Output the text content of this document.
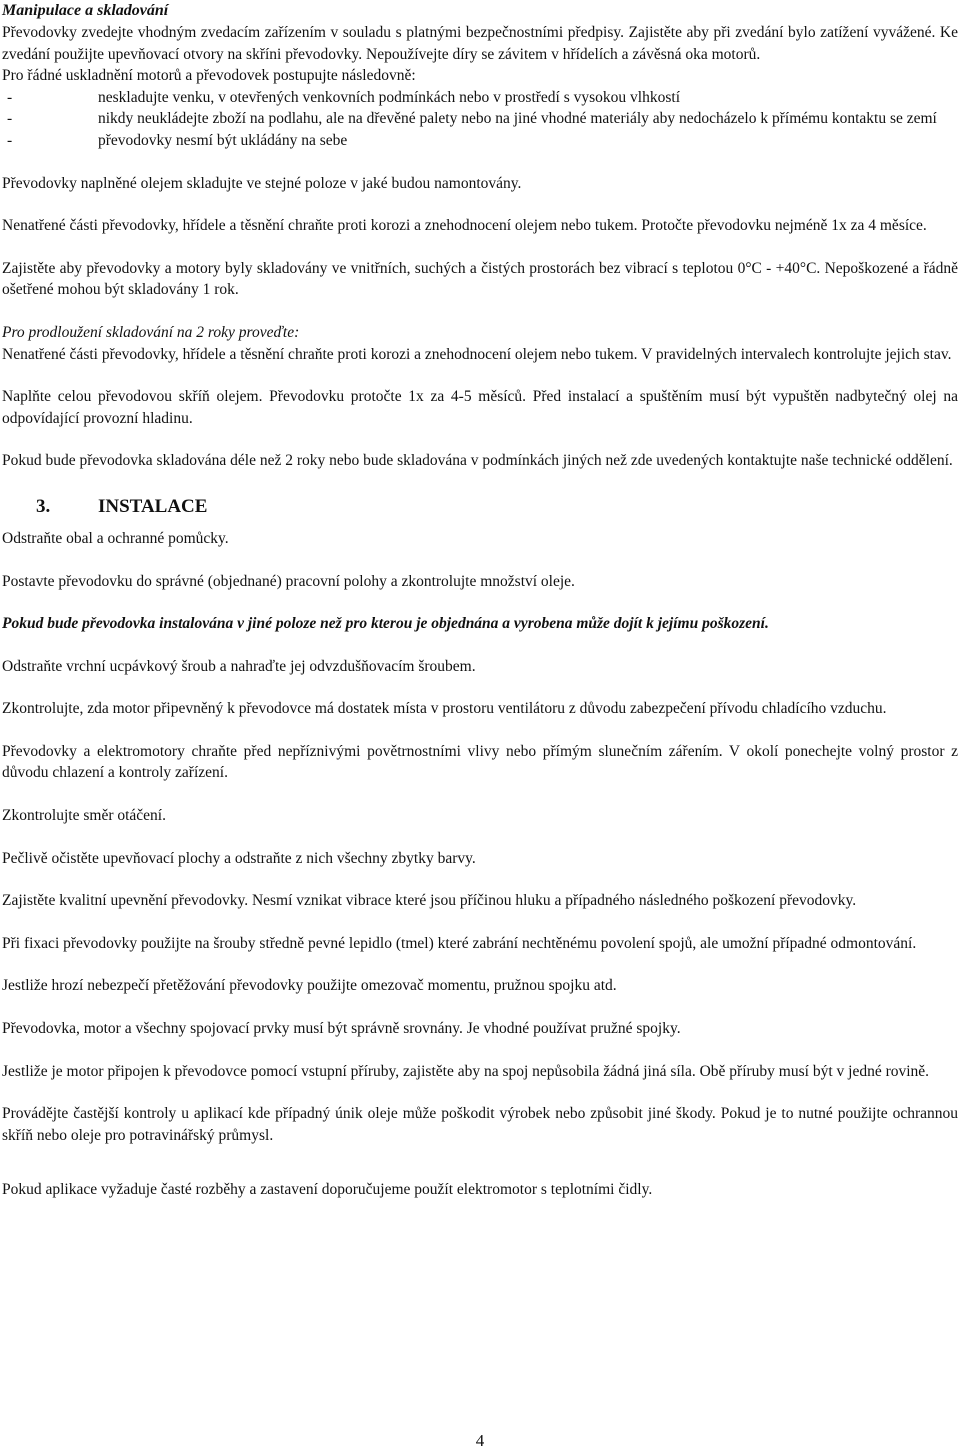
Manipulace a skladování

Převodovky zvedejte vhodným zvedacím zařízením v souladu s platnými bezpečnostními předpisy. Zajistěte aby při zvedání bylo zatížení vyvážené. Ke zvedání použijte upevňovací otvory na skříni převodovky. Nepoužívejte díry se závitem v hřídelích a závěsná oka motorů.

Pro řádné uskladnění motorů a převodovek postupujte následovně:

-	neskladujte venku, v otevřených venkovních podmínkách nebo v prostředí s vysokou vlhkostí
-	nikdy neukládejte zboží na podlahu, ale na dřevěné palety nebo na jiné vhodné materiály aby nedocházelo k přímému kontaktu se zemí
-	převodovky nesmí být ukládány na sebe

Převodovky naplněné olejem skladujte ve stejné poloze v jaké budou namontovány.

Nenatřené části převodovky, hřídele a těsnění chraňte proti korozi a znehodnocení olejem nebo tukem. Protočte převodovku nejméně 1x za 4 měsíce.

Zajistěte aby převodovky a motory byly skladovány ve vnitřních, suchých a čistých prostorách bez vibrací s teplotou 0°C - +40°C. Nepoškozené a řádně ošetřené mohou být skladovány 1 rok.

Pro prodloužení skladování na 2 roky proveďte:

Nenatřené části převodovky, hřídele a těsnění chraňte proti korozi a znehodnocení olejem nebo tukem. V pravidelných intervalech kontrolujte jejich stav.

Naplňte celou převodovou skříň olejem. Převodovku protočte 1x za 4-5 měsíců. Před instalací a spuštěním musí být vypuštěn nadbytečný olej na odpovídající provozní hladinu.

Pokud bude převodovka skladována déle než 2 roky nebo bude skladována v podmínkách jiných než zde uvedených kontaktujte naše technické oddělení.

3.	INSTALACE

Odstraňte obal a ochranné pomůcky.

Postavte převodovku do správné (objednané) pracovní polohy a zkontrolujte množství oleje.

Pokud bude převodovka instalována v jiné poloze než pro kterou je objednána a vyrobena může dojít k jejímu poškození.

Odstraňte vrchní ucpávkový šroub a nahraďte jej odvzdušňovacím šroubem.

Zkontrolujte, zda motor připevněný k převodovce má dostatek místa v prostoru ventilátoru z důvodu zabezpečení přívodu chladícího vzduchu.

Převodovky a elektromotory chraňte před nepříznivými povětrnostními vlivy nebo přímým slunečním zářením. V okolí ponechejte volný prostor z důvodu chlazení a kontroly zařízení.

Zkontrolujte směr otáčení.

Pečlivě očistěte upevňovací plochy a odstraňte z nich všechny zbytky barvy.

Zajistěte kvalitní upevnění převodovky. Nesmí vznikat vibrace které jsou příčinou hluku a případného následného poškození převodovky.

Při fixaci převodovky použijte na šrouby středně pevné lepidlo (tmel) které zabrání nechtěnému povolení spojů, ale umožní případné odmontování.

Jestliže hrozí nebezpečí přetěžování převodovky použijte omezovač momentu, pružnou spojku atd.

Převodovka, motor a všechny spojovací prvky musí být správně srovnány. Je vhodné používat pružné spojky.

Jestliže je motor připojen k převodovce pomocí vstupní příruby, zajistěte aby na spoj nepůsobila žádná jiná síla. Obě příruby musí být v jedné rovině.

Provádějte častější kontroly u aplikací kde případný únik oleje může poškodit výrobek nebo způsobit jiné škody. Pokud je to nutné použijte ochrannou skříň nebo oleje pro potravinářský průmysl.

Pokud aplikace vyžaduje časté rozběhy a zastavení doporučujeme použít elektromotor s teplotními čidly.

4
